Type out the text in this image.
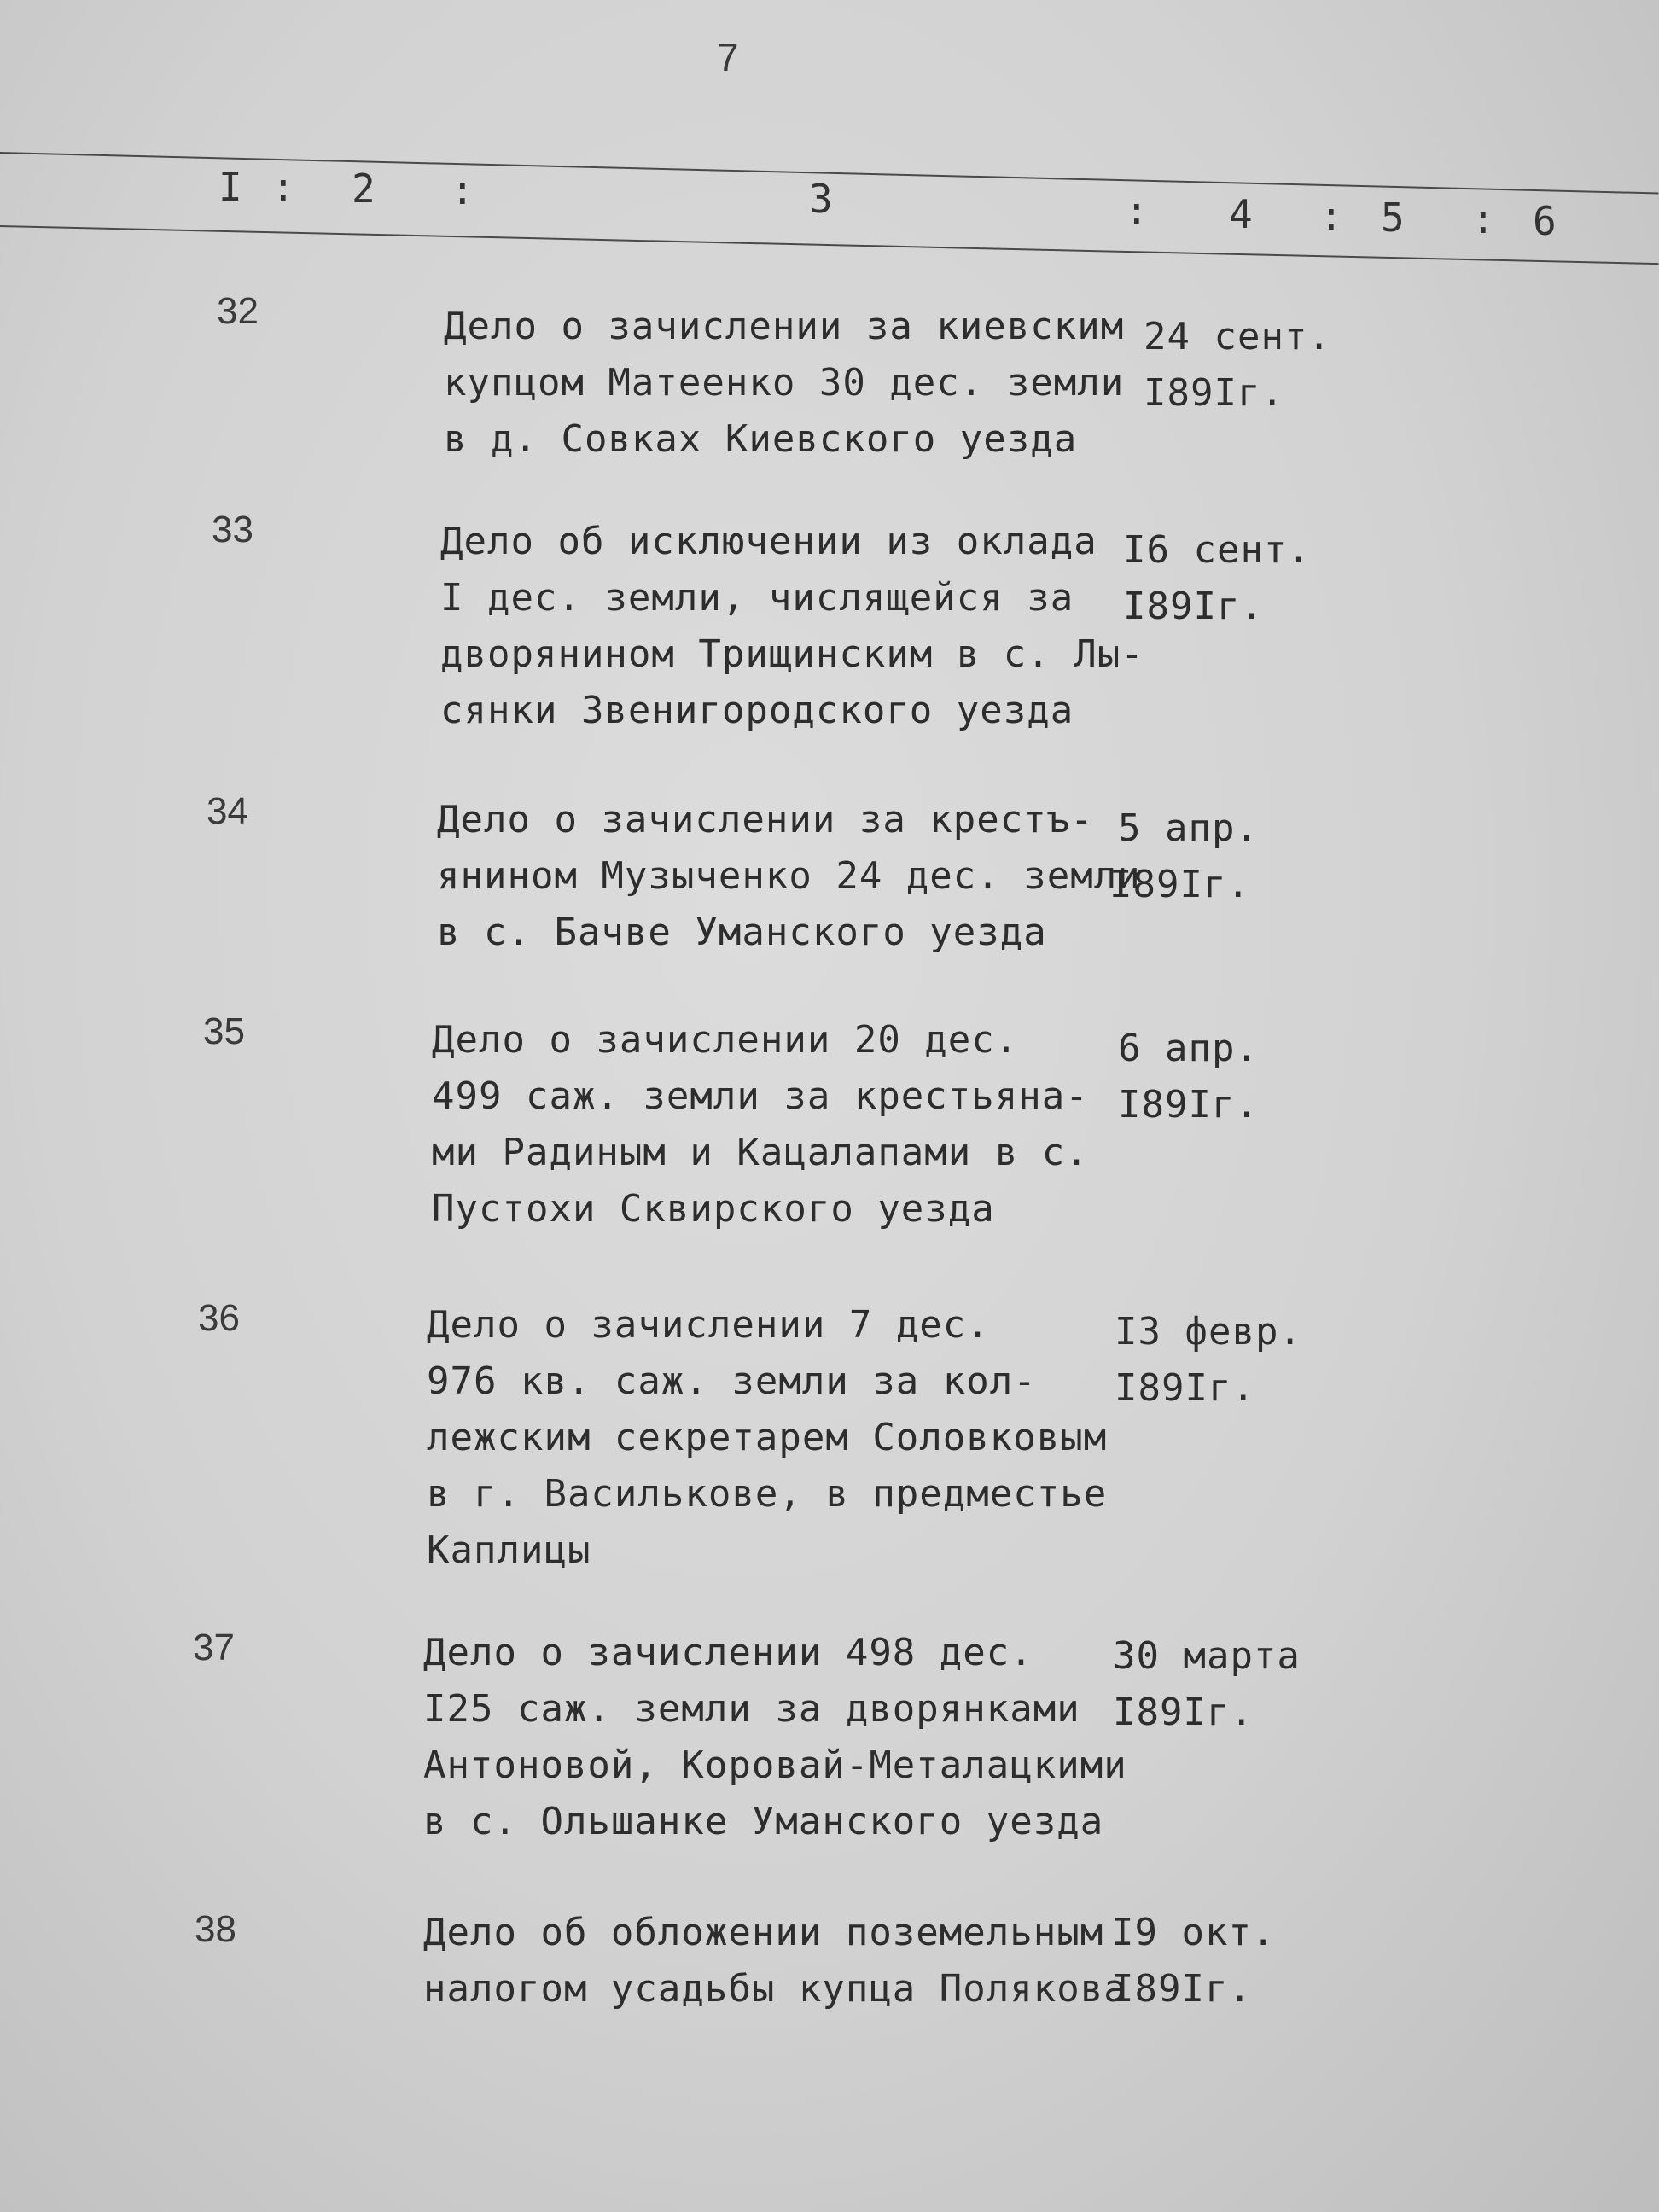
7
I : 2 :	3	: 4 : 5 : 6
32	Дело о зачислении за киевским
купцом Матеенко 30 дес. земли
в д. Совках Киевского уезда
24 сент.
I89Iг.
33	Дело об исключении из оклада
I дес. земли, числящейся за
дворянином Трищинским в с. Лы-
сянки Звенигородского уезда
I6 сент.
I89Iг.
34	Дело о зачислении за крестъ-
янином Музыченко 24 дес. земли
в с. Бачве Уманского уезда
5 апр.
I89Iг.
35	Дело о зачислении 20 дес.
499 саж. земли за крестьяна-
ми Радиным и Кацалапами в с.
Пустохи Сквирского уезда
6 апр.
I89Iг.
36	Дело о зачислении 7 дес.
976 кв. саж. земли за кол-
лежским секретарем Соловковым
в г. Василькове, в предместье
Каплицы
I3 февр.
I89Iг.
37	Дело о зачислении 498 дес.
I25 саж. земли за дворянками
Антоновой, Коровай-Металацкими
в с. Ольшанке Уманского уезда
30 марта
I89Iг.
38	Дело об обложении поземельным
налогом усадьбы купца Полякова
I9 окт.
I89Iг.
